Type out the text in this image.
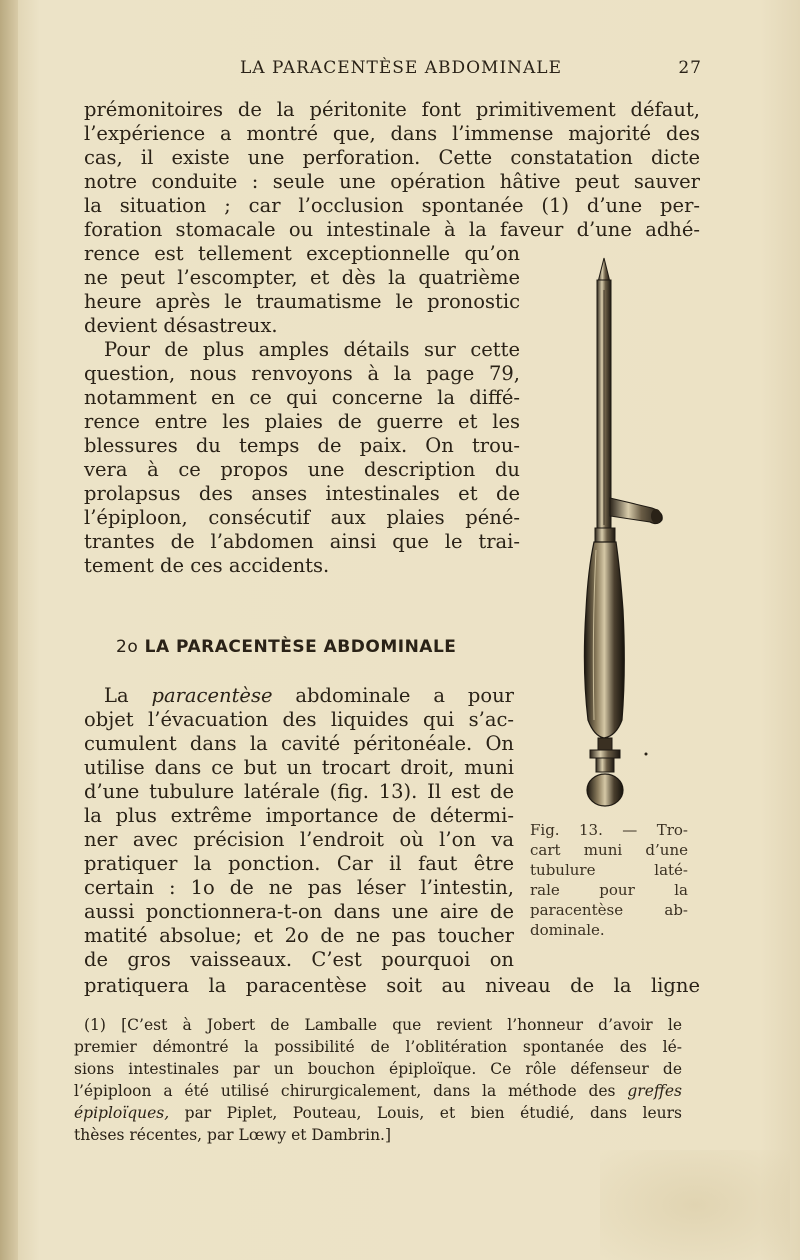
LA PARACENTÈSE ABDOMINALE	27
prémonitoires de la péritonite font primitivement défaut,
l’expérience a montré que, dans l’immense majorité des
cas, il existe une perforation. Cette constatation dicte
notre conduite : seule une opération hâtive peut sauver
la situation ; car l’occlusion spontanée (1) d’une per-
foration stomacale ou intestinale à la faveur d’une adhé-
rence est tellement exceptionnelle qu’on
ne peut l’escompter, et dès la quatrième
heure après le traumatisme le pronostic
devient désastreux.
Pour de plus amples détails sur cette
question, nous renvoyons à la page 79,
notamment en ce qui concerne la diffé-
rence entre les plaies de guerre et les
blessures du temps de paix. On trou-
vera à ce propos une description du
prolapsus des anses intestinales et de
l’épiploon, consécutif aux plaies péné-
trantes de l’abdomen ainsi que le trai-
tement de ces accidents.
2o LA PARACENTÈSE ABDOMINALE
La paracentèse abdominale a pour
objet l’évacuation des liquides qui s’ac-
cumulent dans la cavité péritonéale. On
utilise dans ce but un trocart droit, muni
d’une tubulure latérale (fig. 13). Il est de
la plus extrême importance de détermi-
ner avec précision l’endroit où l’on va
pratiquer la ponction. Car il faut être
certain : 1o de ne pas léser l’intestin,
aussi ponctionnera-t-on dans une aire de
matité absolue; et 2o de ne pas toucher
de gros vaisseaux. C’est pourquoi on
pratiquera la paracentèse soit au niveau de la ligne
Fig. 13. — Tro-
cart muni d’une
tubulure laté-
rale pour la
paracentèse ab-
dominale.
(1) [C’est à Jobert de Lamballe que revient l’honneur d’avoir le
premier démontré la possibilité de l’oblitération spontanée des lé-
sions intestinales par un bouchon épiploïque. Ce rôle défenseur de
l’épiploon a été utilisé chirurgicalement, dans la méthode des greffes
épiploïques, par Piplet, Pouteau, Louis, et bien étudié, dans leurs
thèses récentes, par Lœwy et Dambrin.]
